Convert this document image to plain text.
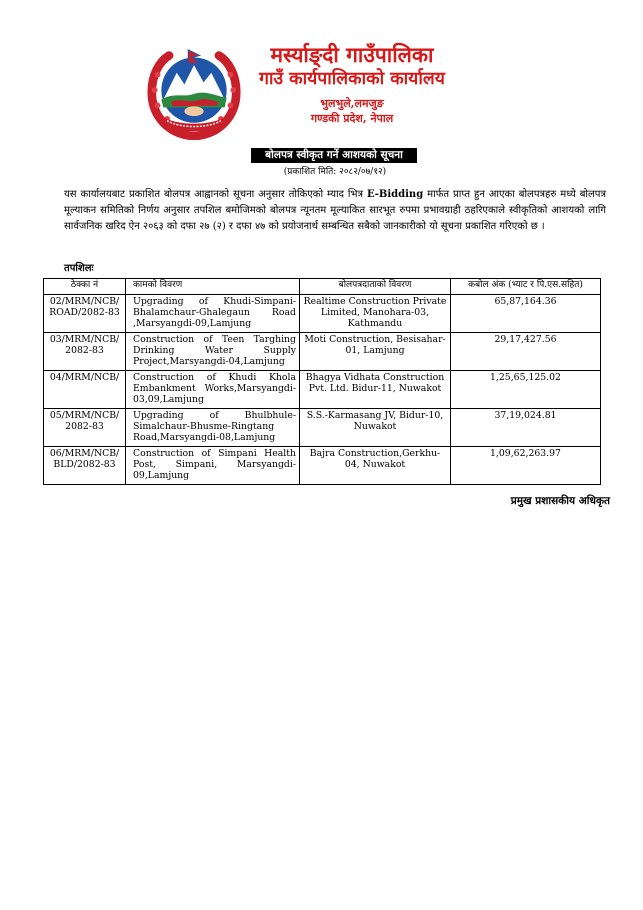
मर्स्याङ्दी गाउँपालिका
गाउँ कार्यपालिकाको कार्यालय
भुलभुले,लमजुङ
गण्डकी प्रदेश, नेपाल
बोलपत्र स्वीकृत गर्ने आशयको सूचना
(प्रकाशित मिति: २०८२/०७/१२)
यस कार्यालयबाट प्रकाशित बोलपत्र आह्वानको सूचना अनुसार तोकिएको म्याद भित्र E-Bidding मार्फत प्राप्त हुन आएका बोलपत्रहरु मध्ये बोलपत्र मूल्याकन समितिको निर्णय अनुसार तपशिल बमोजिमको बोलपत्र न्यूनतम मूल्याकित सारभूत रुपमा प्रभावग्राही ठहरिएकाले स्वीकृतिको आशयको लागि सार्वजनिक खरिद ऐन २०६३ को दफा २७ (२) र दफा ४७ को प्रयोजनार्थ सम्बन्धित सबैको जानकारीको यो सूचना प्रकाशित गरिएको छ ।
तपशिलः
ठेक्का नं	कामको विवरण	बोलपत्रदाताको विवरण	कबोल अंक (भ्याट र पि.एस.सहित)
02/MRM/NCB/ ROAD/2082-83	Upgrading of Khudi-Simpani-Bhalamchaur-Ghalegaun Road ,Marsyangdi-09,Lamjung	Realtime Construction Private Limited, Manohara-03, Kathmandu	65,87,164.36
03/MRM/NCB/ 2082-83	Construction of Teen Targhing Drinking Water Supply Project,Marsyangdi-04,Lamjung	Moti Construction, Besisahar-01, Lamjung	29,17,427.56
04/MRM/NCB/	Construction of Khudi Khola Embankment Works,Marsyangdi-03,09,Lamjung	Bhagya Vidhata Construction Pvt. Ltd. Bidur-11, Nuwakot	1,25,65,125.02
05/MRM/NCB/ 2082-83	Upgrading of Bhulbhule-Simalchaur-Bhusme-Ringtang Road,Marsyangdi-08,Lamjung	S.S.-Karmasang JV, Bidur-10, Nuwakot	37,19,024.81
06/MRM/NCB/ BLD/2082-83	Construction of Simpani Health Post, Simpani, Marsyangdi-09,Lamjung	Bajra Construction,Gerkhu-04, Nuwakot	1,09,62,263.97
प्रमुख प्रशासकीय अधिकृत
